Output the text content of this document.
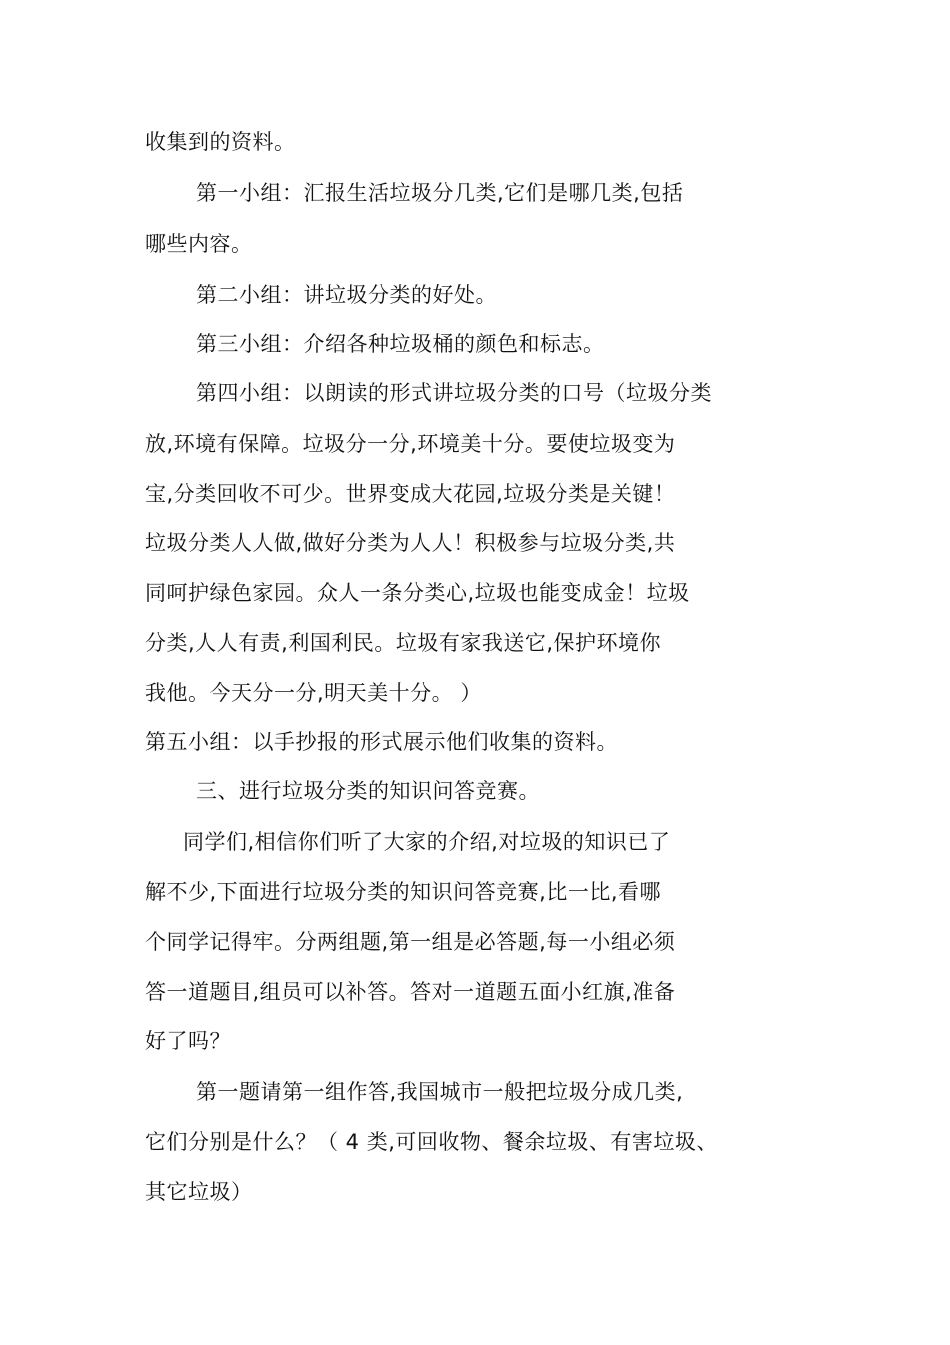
收集到的资料。
第一小组：汇报生活垃圾分几类,它们是哪几类,包括
哪些内容。
第二小组：讲垃圾分类的好处。
第三小组：介绍各种垃圾桶的颜色和标志。
第四小组：以朗读的形式讲垃圾分类的口号（垃圾分类
放,环境有保障。垃圾分一分,环境美十分。要使垃圾变为
宝,分类回收不可少。世界变成大花园,垃圾分类是关键！
垃圾分类人人做,做好分类为人人！积极参与垃圾分类,共
同呵护绿色家园。众人一条分类心,垃圾也能变成金！垃圾
分类,人人有责,利国利民。垃圾有家我送它,保护环境你
我他。今天分一分,明天美十分。 ）
第五小组：以手抄报的形式展示他们收集的资料。
三、进行垃圾分类的知识问答竞赛。
同学们,相信你们听了大家的介绍,对垃圾的知识已了
解不少,下面进行垃圾分类的知识问答竞赛,比一比,看哪
个同学记得牢。分两组题,第一组是必答题,每一小组必须
答一道题目,组员可以补答。答对一道题五面小红旗,准备
好了吗？
第一题请第一组作答,我国城市一般把垃圾分成几类,
它们分别是什么？（ 4 类,可回收物、餐余垃圾、有害垃圾、
其它垃圾）
